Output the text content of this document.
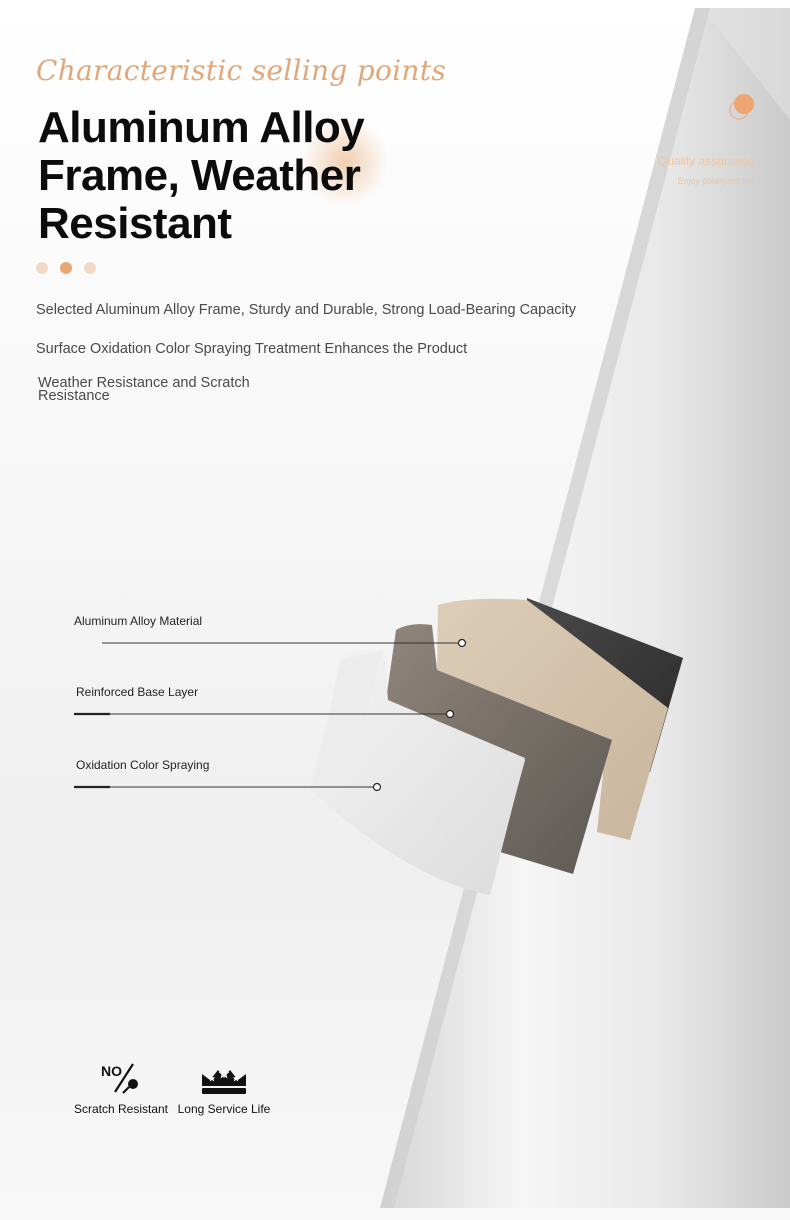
Characteristic selling points
Aluminum Alloy Frame, Weather Resistant
Selected Aluminum Alloy Frame, Sturdy and Durable, Strong Load-Bearing Capacity
Surface Oxidation Color Spraying Treatment Enhances the Product
Weather Resistance and Scratch Resistance
Quality assurance
Enjoy courtyard life
Aluminum Alloy Material
Reinforced Base Layer
Oxidation Color Spraying
NO
Scratch Resistant Long Service Life
